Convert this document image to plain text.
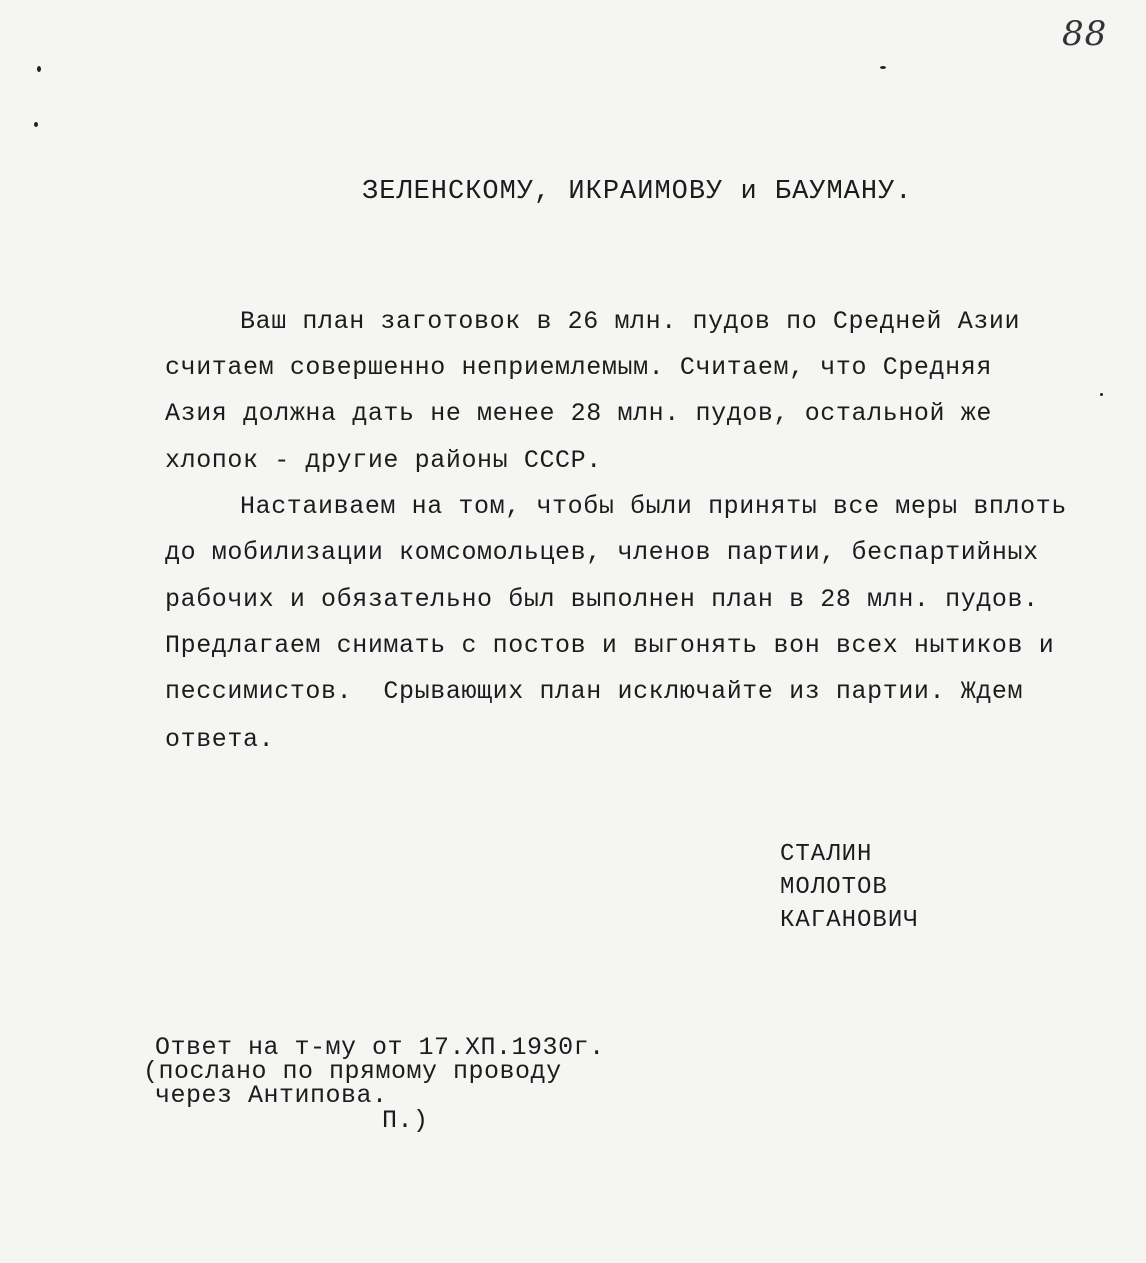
88
ЗЕЛЕНСКОМУ, ИКРАИМОВУ и БАУМАНУ.
Ваш план заготовок в 26 млн. пудов по Средней Азии
считаем совершенно неприемлемым. Считаем, что Средняя
Азия должна дать не менее 28 млн. пудов, остальной же
хлопок - другие районы СССР.
Настаиваем на том, чтобы были приняты все меры вплоть
до мобилизации комсомольцев, членов партии, беспартийных
рабочих и обязательно был выполнен план в 28 млн. пудов.
Предлагаем снимать с постов и выгонять вон всех нытиков и
пессимистов.  Срывающих план исключайте из партии. Ждем
ответа.
СТАЛИН
МОЛОТОВ
КАГАНОВИЧ
Ответ на т-му от 17.ХП.1930г.
(послано по прямому проводу
через Антипова.
П.)
